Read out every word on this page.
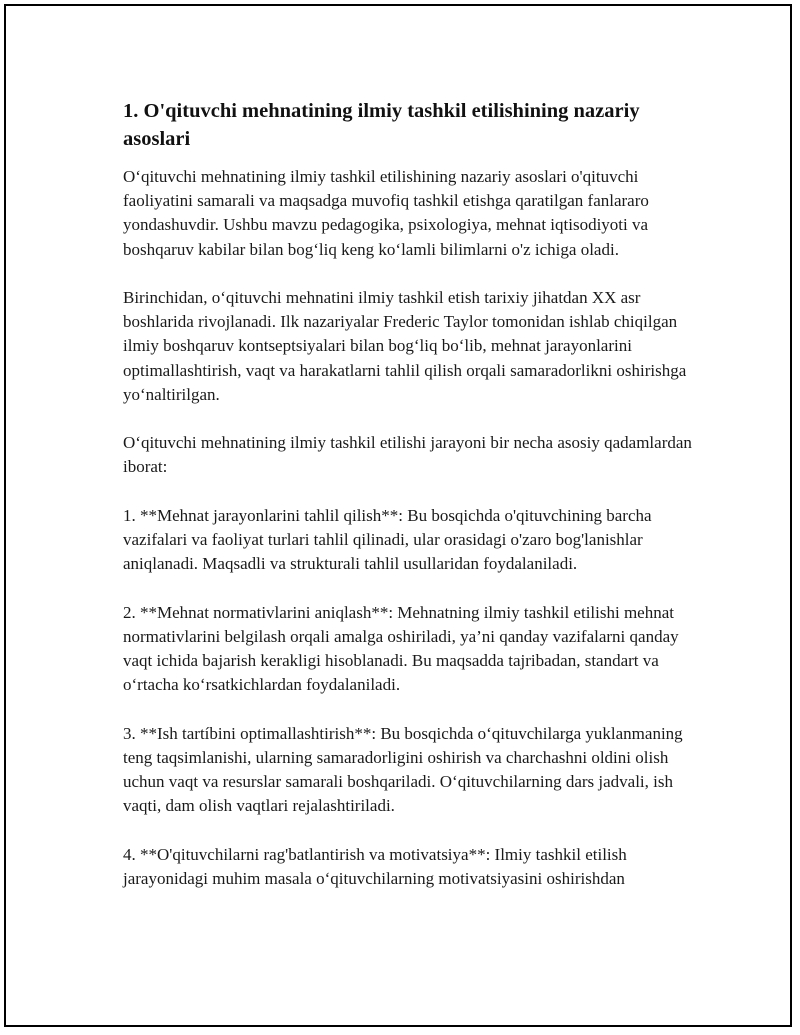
1. O'qituvchi mehnatining ilmiy tashkil etilishining nazariy asoslari

O‘qituvchi mehnatining ilmiy tashkil etilishining nazariy asoslari o'qituvchi faoliyatini samarali va maqsadga muvofiq tashkil etishga qaratilgan fanlararo yondashuvdir. Ushbu mavzu pedagogika, psixologiya, mehnat iqtisodiyoti va boshqaruv kabilar bilan bog‘liq keng ko‘lamli bilimlarni o'z ichiga oladi.

Birinchidan, o‘qituvchi mehnatini ilmiy tashkil etish tarixiy jihatdan XX asr boshlarida rivojlanadi. Ilk nazariyalar Frederic Taylor tomonidan ishlab chiqilgan ilmiy boshqaruv kontseptsiyalari bilan bog‘liq bo‘lib, mehnat jarayonlarini optimallashtirish, vaqt va harakatlarni tahlil qilish orqali samaradorlikni oshirishga yo‘naltirilgan.

O‘qituvchi mehnatining ilmiy tashkil etilishi jarayoni bir necha asosiy qadamlardan iborat:

1. **Mehnat jarayonlarini tahlil qilish**: Bu bosqichda o'qituvchining barcha vazifalari va faoliyat turlari tahlil qilinadi, ular orasidagi o'zaro bog'lanishlar aniqlanadi. Maqsadli va strukturali tahlil usullaridan foydalaniladi.

2. **Mehnat normativlarini aniqlash**: Mehnatning ilmiy tashkil etilishi mehnat normativlarini belgilash orqali amalga oshiriladi, ya’ni qanday vazifalarni qanday vaqt ichida bajarish kerakligi hisoblanadi. Bu maqsadda tajribadan, standart va o‘rtacha ko‘rsatkichlardan foydalaniladi.

3. **Ish tartíbini optimallashtirish**: Bu bosqichda o‘qituvchilarga yuklanmaning teng taqsimlanishi, ularning samaradorligini oshirish va charchashni oldini olish uchun vaqt va resurslar samarali boshqariladi. O‘qituvchilarning dars jadvali, ish vaqti, dam olish vaqtlari rejalashtiriladi.

4. **O'qituvchilarni rag'batlantirish va motivatsiya**: Ilmiy tashkil etilish jarayonidagi muhim masala o‘qituvchilarning motivatsiyasini oshirishdan
